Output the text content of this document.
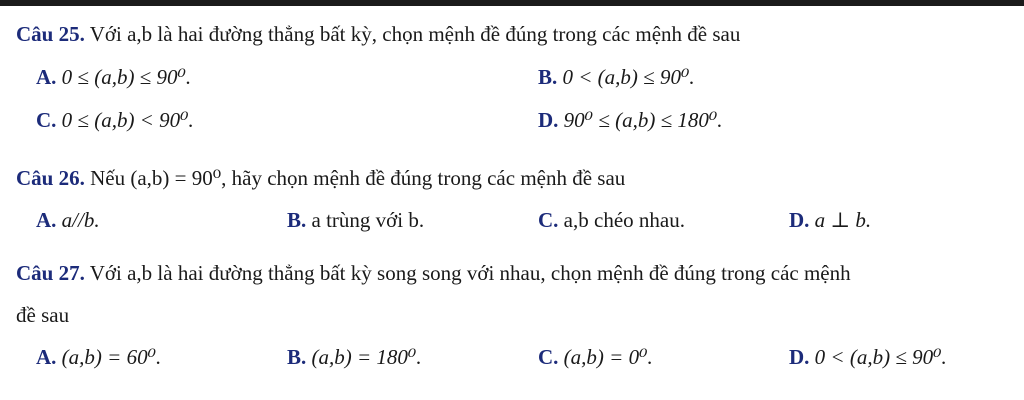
Câu 25. Với a,b là hai đường thẳng bất kỳ, chọn mệnh đề đúng trong các mệnh đề sau
A. 0 ≤ (a,b) ≤ 90⁰.	B. 0 < (a,b) ≤ 90⁰.
C. 0 ≤ (a,b) < 90⁰.	D. 90⁰ ≤ (a,b) ≤ 180⁰.
Câu 26. Nếu (a,b) = 90⁰, hãy chọn mệnh đề đúng trong các mệnh đề sau
A. a//b.	B. a trùng với b.	C. a,b chéo nhau.	D. a ⊥ b.
Câu 27. Với a,b là hai đường thẳng bất kỳ song song với nhau, chọn mệnh đề đúng trong các mệnh
đề sau
A. (a,b) = 60⁰.	B. (a,b) = 180⁰.	C. (a,b) = 0⁰.	D. 0 < (a,b) ≤ 90⁰.
